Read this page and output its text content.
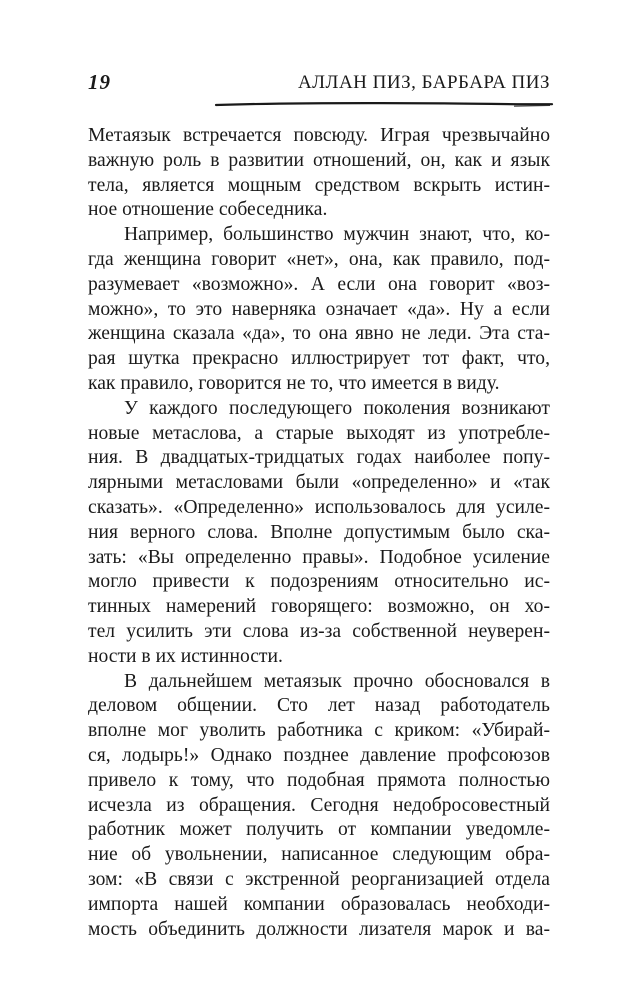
19	АЛЛАН ПИЗ, БАРБАРА ПИЗ
Метаязык встречается повсюду. Играя чрезвычайно
важную роль в развитии отношений, он, как и язык
тела, является мощным средством вскрыть истин-
ное отношение собеседника.
Например, большинство мужчин знают, что, ко-
гда женщина говорит «нет», она, как правило, под-
разумевает «возможно». А если она говорит «воз-
можно», то это наверняка означает «да». Ну а если
женщина сказала «да», то она явно не леди. Эта ста-
рая шутка прекрасно иллюстрирует тот факт, что,
как правило, говорится не то, что имеется в виду.
У каждого последующего поколения возникают
новые метаслова, а старые выходят из употребле-
ния. В двадцатых-тридцатых годах наиболее попу-
лярными метасловами были «определенно» и «так
сказать». «Определенно» использовалось для усиле-
ния верного слова. Вполне допустимым было ска-
зать: «Вы определенно правы». Подобное усиление
могло привести к подозрениям относительно ис-
тинных намерений говорящего: возможно, он хо-
тел усилить эти слова из-за собственной неуверен-
ности в их истинности.
В дальнейшем метаязык прочно обосновался в
деловом общении. Сто лет назад работодатель
вполне мог уволить работника с криком: «Убирай-
ся, лодырь!» Однако позднее давление профсоюзов
привело к тому, что подобная прямота полностью
исчезла из обращения. Сегодня недобросовестный
работник может получить от компании уведомле-
ние об увольнении, написанное следующим обра-
зом: «В связи с экстренной реорганизацией отдела
импорта нашей компании образовалась необходи-
мость объединить должности лизателя марок и ва-
